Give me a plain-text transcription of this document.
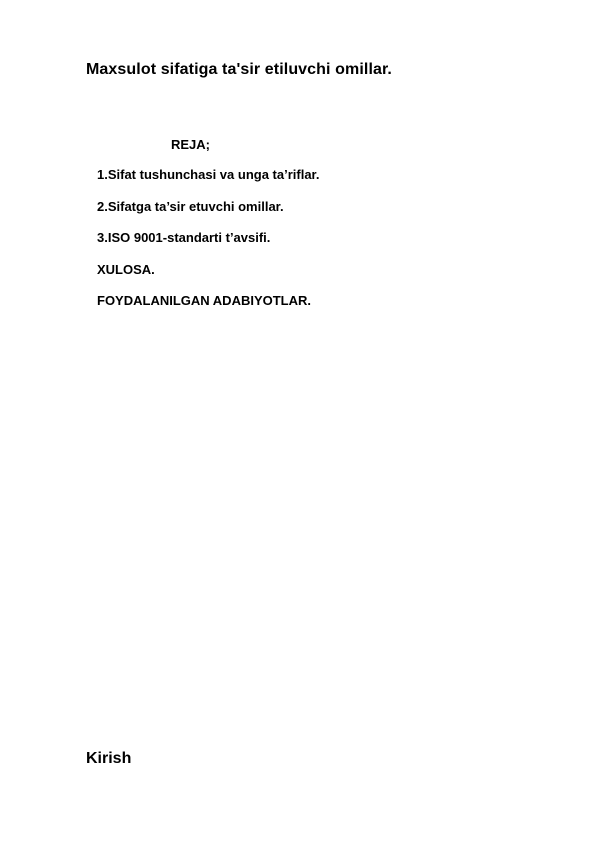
Maxsulot sifatiga ta'sir etiluvchi omillar.
REJA;
1.Sifat tushunchasi va unga ta’riflar.
2.Sifatga ta’sir etuvchi omillar.
3.ISO 9001-standarti t’avsifi.
XULOSA.
FOYDALANILGAN ADABIYOTLAR.
Kirish
